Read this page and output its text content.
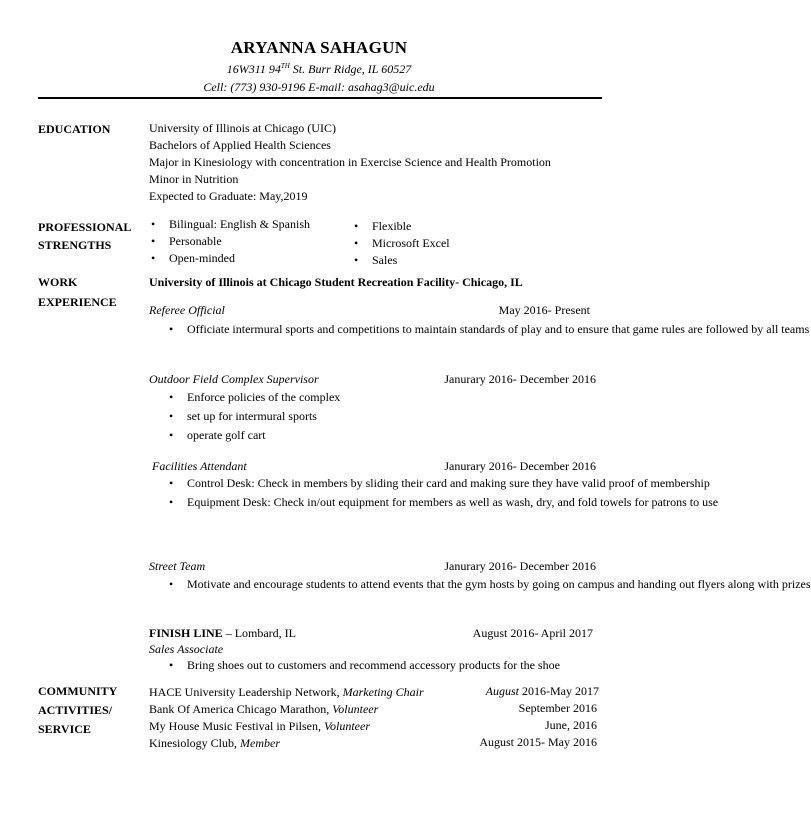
ARYANNA SAHAGUN
16W311 94TH St. Burr Ridge, IL 60527
Cell: (773) 930-9196 E-mail: asahag3@uic.edu
EDUCATION	University of Illinois at Chicago (UIC)
Bachelors of Applied Health Sciences
Major in Kinesiology with concentration in Exercise Science and Health Promotion
Minor in Nutrition
Expected to Graduate: May,2019
PROFESSIONAL
STRENGTHS
• Bilingual: English & Spanish
• Personable
• Open-minded
• Flexible
• Microsoft Excel
• Sales
WORK
EXPERIENCE
University of Illinois at Chicago Student Recreation Facility- Chicago, IL
Referee Official	May 2016- Present
• Officiate intermural sports and competitions to maintain standards of play and to ensure that game rules are followed by all teams
Outdoor Field Complex Supervisor	Janurary 2016- December 2016
• Enforce policies of the complex
• set up for intermural sports
• operate golf cart
Facilities Attendant	Janurary 2016- December 2016
• Control Desk: Check in members by sliding their card and making sure they have valid proof of membership
• Equipment Desk: Check in/out equipment for members as well as wash, dry, and fold towels for patrons to use
Street Team	Janurary 2016- December 2016
• Motivate and encourage students to attend events that the gym hosts by going on campus and handing out flyers along with prizes
FINISH LINE – Lombard, IL	August 2016- April 2017
Sales Associate
• Bring shoes out to customers and recommend accessory products for the shoe
COMMUNITY
ACTIVITIES/
SERVICE
HACE University Leadership Network, Marketing Chair	August 2016-May 2017
Bank Of America Chicago Marathon, Volunteer	September 2016
My House Music Festival in Pilsen, Volunteer	June, 2016
Kinesiology Club, Member	August 2015- May 2016
